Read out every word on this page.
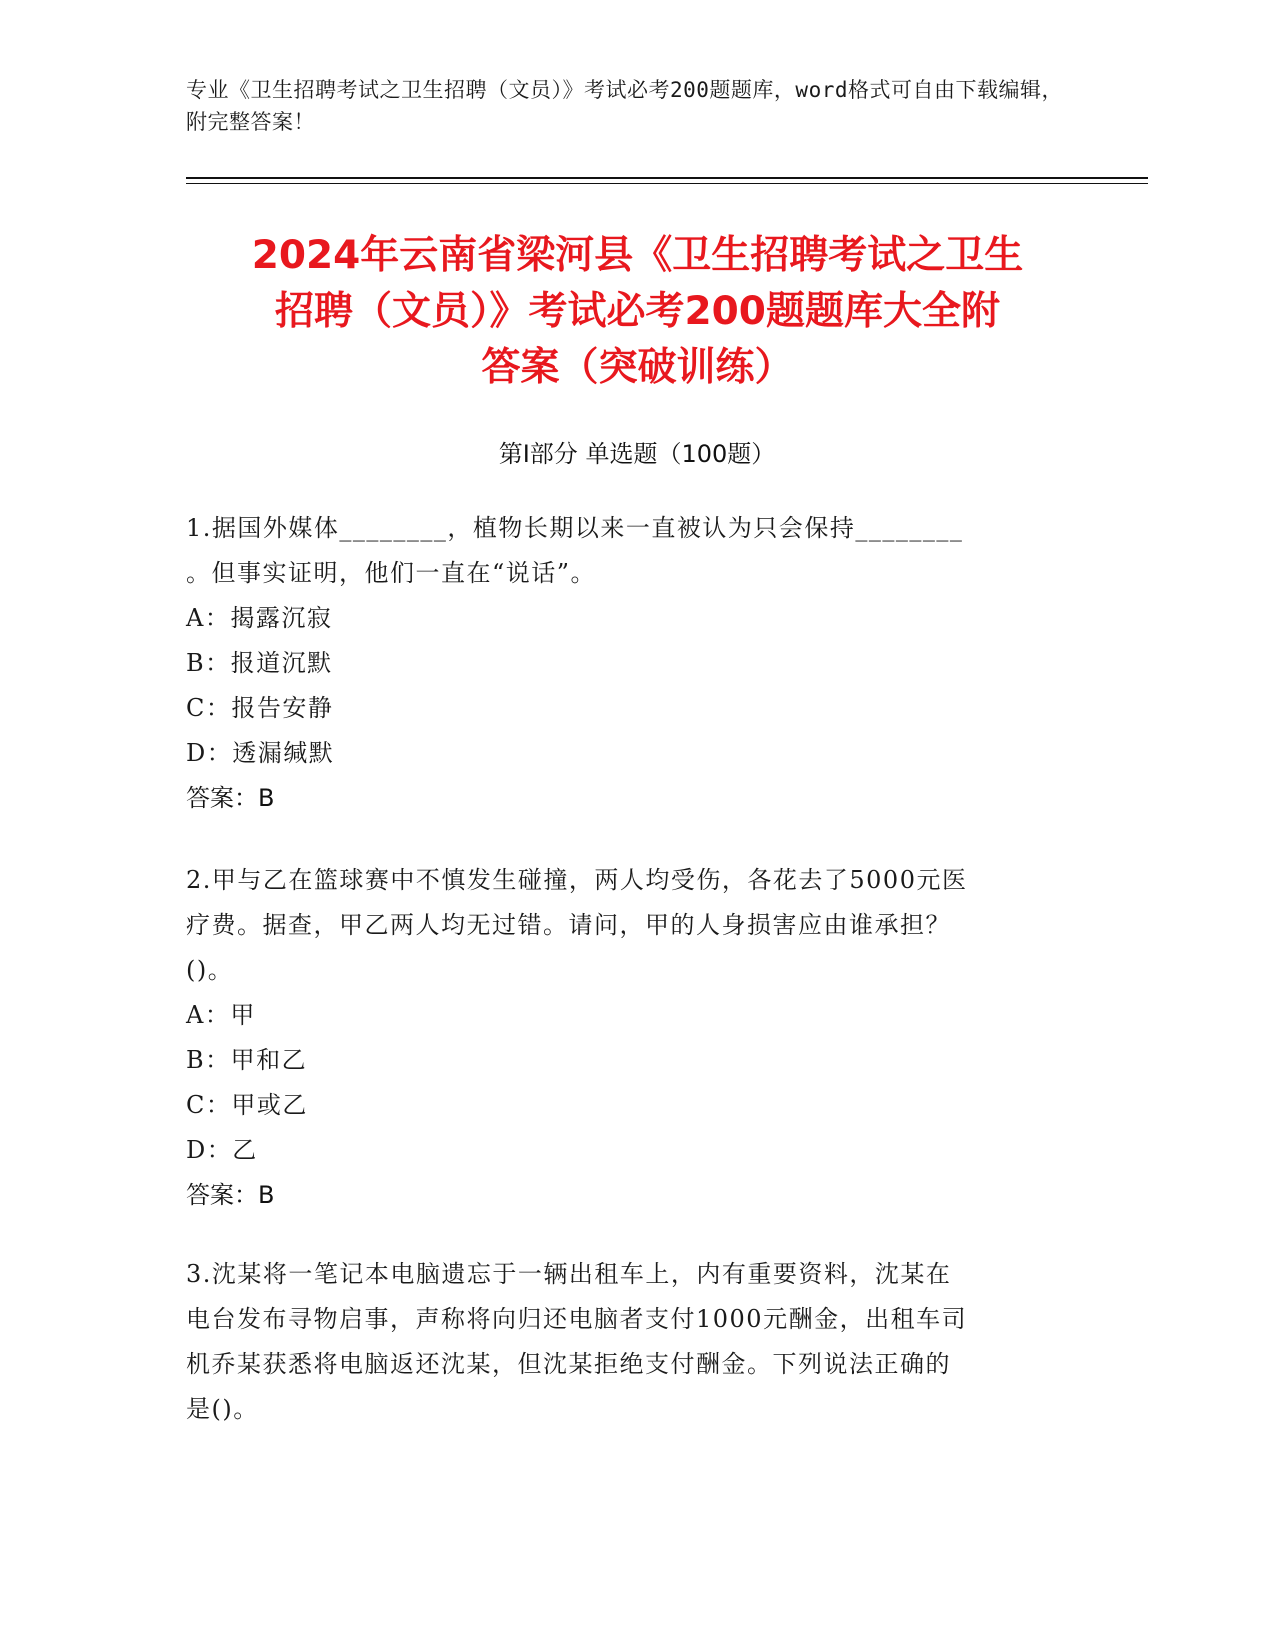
专业《卫生招聘考试之卫生招聘（文员）》考试必考200题题库，word格式可自由下载编辑，附完整答案！
2024年云南省梁河县《卫生招聘考试之卫生
招聘（文员）》考试必考200题题库大全附
答案（突破训练）
第Ⅰ部分 单选题（100题）
1.据国外媒体________，植物长期以来一直被认为只会保持________
。但事实证明，他们一直在“说话”。
A：揭露沉寂
B：报道沉默
C：报告安静
D：透漏缄默
答案：B
2.甲与乙在篮球赛中不慎发生碰撞，两人均受伤，各花去了5000元医
疗费。据查，甲乙两人均无过错。请问，甲的人身损害应由谁承担？
()。
A：甲
B：甲和乙
C：甲或乙
D：乙
答案：B
3.沈某将一笔记本电脑遗忘于一辆出租车上，内有重要资料，沈某在
电台发布寻物启事，声称将向归还电脑者支付1000元酬金，出租车司
机乔某获悉将电脑返还沈某，但沈某拒绝支付酬金。下列说法正确的
是()。
